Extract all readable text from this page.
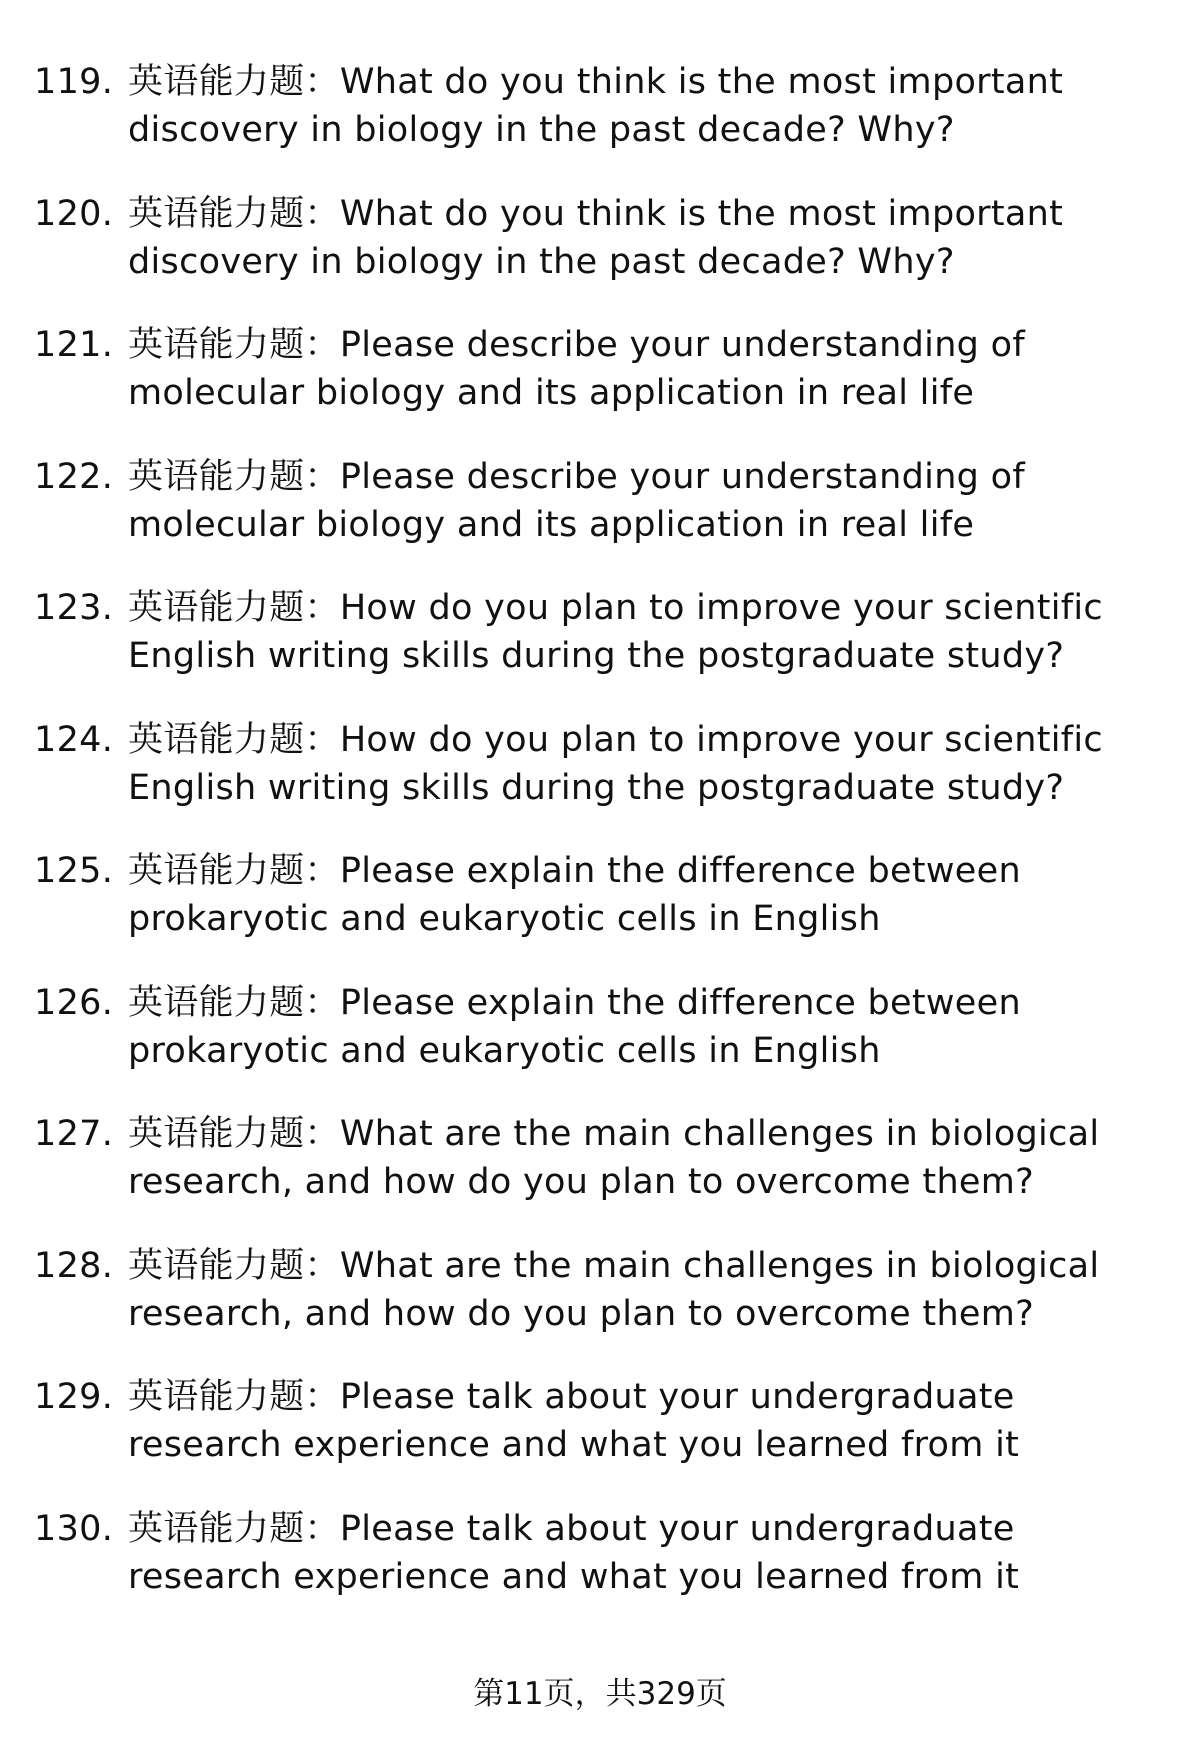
119. 英语能力题：What do you think is the most important discovery in biology in the past decade? Why?
120. 英语能力题：What do you think is the most important discovery in biology in the past decade? Why?
121. 英语能力题：Please describe your understanding of molecular biology and its application in real life
122. 英语能力题：Please describe your understanding of molecular biology and its application in real life
123. 英语能力题：How do you plan to improve your scientific English writing skills during the postgraduate study?
124. 英语能力题：How do you plan to improve your scientific English writing skills during the postgraduate study?
125. 英语能力题：Please explain the difference between prokaryotic and eukaryotic cells in English
126. 英语能力题：Please explain the difference between prokaryotic and eukaryotic cells in English
127. 英语能力题：What are the main challenges in biological research, and how do you plan to overcome them?
128. 英语能力题：What are the main challenges in biological research, and how do you plan to overcome them?
129. 英语能力题：Please talk about your undergraduate research experience and what you learned from it
130. 英语能力题：Please talk about your undergraduate research experience and what you learned from it
第11页，共329页
